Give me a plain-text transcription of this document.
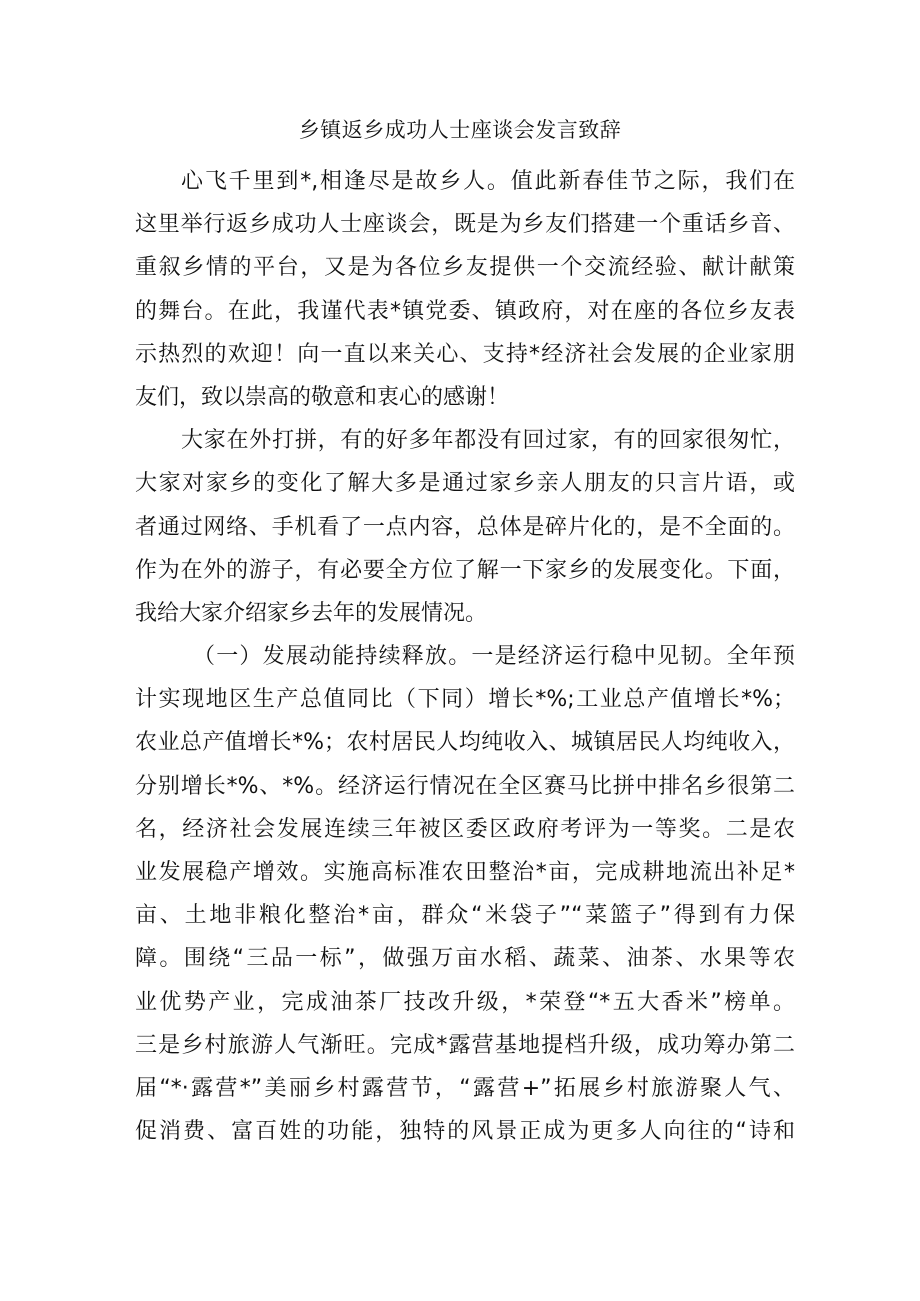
乡镇返乡成功人士座谈会发言致辞
心飞千里到*,相逢尽是故乡人。值此新春佳节之际，我们在
这里举行返乡成功人士座谈会，既是为乡友们搭建一个重话乡音、
重叙乡情的平台，又是为各位乡友提供一个交流经验、献计献策
的舞台。在此，我谨代表*镇党委、镇政府，对在座的各位乡友表
示热烈的欢迎！向一直以来关心、支持*经济社会发展的企业家朋
友们，致以崇高的敬意和衷心的感谢！
大家在外打拼，有的好多年都没有回过家，有的回家很匆忙，
大家对家乡的变化了解大多是通过家乡亲人朋友的只言片语，或
者通过网络、手机看了一点内容，总体是碎片化的，是不全面的。
作为在外的游子，有必要全方位了解一下家乡的发展变化。下面，
我给大家介绍家乡去年的发展情况。
（一）发展动能持续释放。一是经济运行稳中见韧。全年预
计实现地区生产总值同比（下同）增长*%;工业总产值增长*%；
农业总产值增长*%；农村居民人均纯收入、城镇居民人均纯收入，
分别增长*%、*%。经济运行情况在全区赛马比拼中排名乡很第二
名，经济社会发展连续三年被区委区政府考评为一等奖。二是农
业发展稳产增效。实施高标准农田整治*亩，完成耕地流出补足*
亩、土地非粮化整治*亩，群众“米袋子”“菜篮子”得到有力保
障。围绕“三品一标”，做强万亩水稻、蔬菜、油茶、水果等农
业优势产业，完成油茶厂技改升级，*荣登“*五大香米”榜单。
三是乡村旅游人气渐旺。完成*露营基地提档升级，成功筹办第二
届“*·露营*”美丽乡村露营节，“露营+”拓展乡村旅游聚人气、
促消费、富百姓的功能，独特的风景正成为更多人向往的“诗和
